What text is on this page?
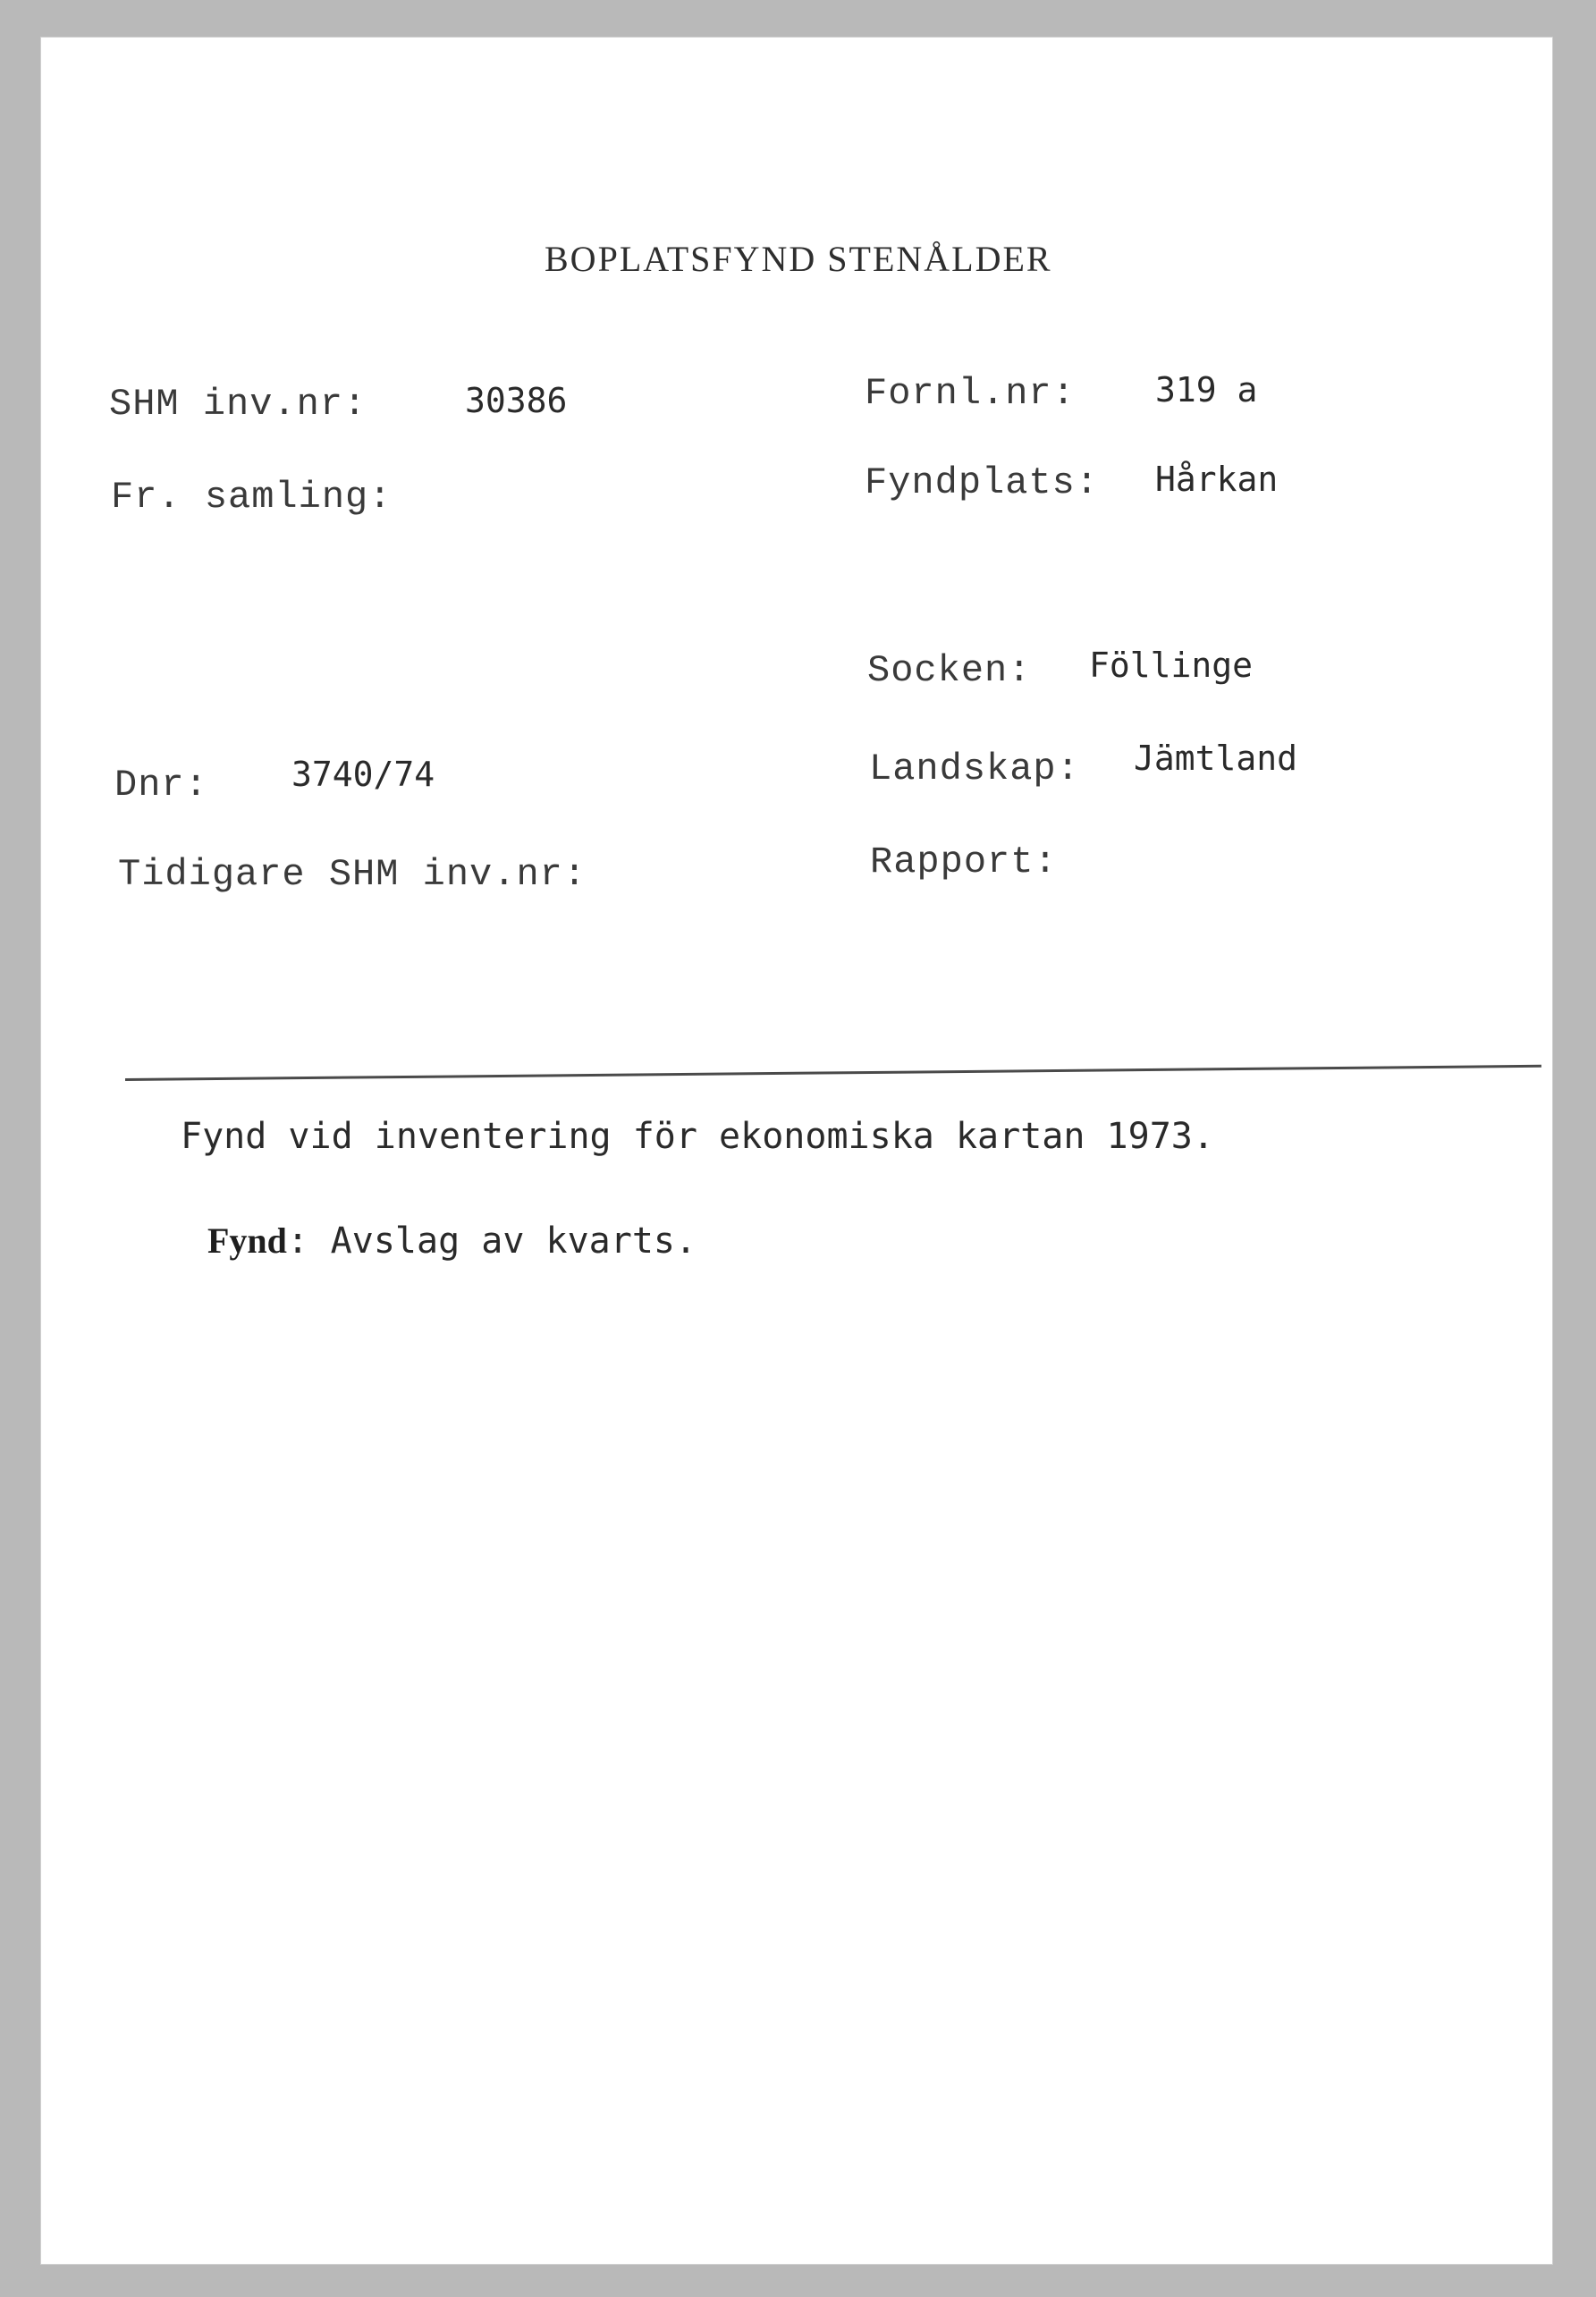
BOPLATSFYND STENÅLDER
SHM inv.nr:	30386	Fornl.nr: 319 a
Fr. samling:	Fyndplats: Hårkan
Socken: Föllinge
Dnr: 3740/74	Landskap: Jämtland
Tidigare SHM inv.nr:	Rapport:
Fynd vid inventering för ekonomiska kartan 1973.
Fynd: Avslag av kvarts.
